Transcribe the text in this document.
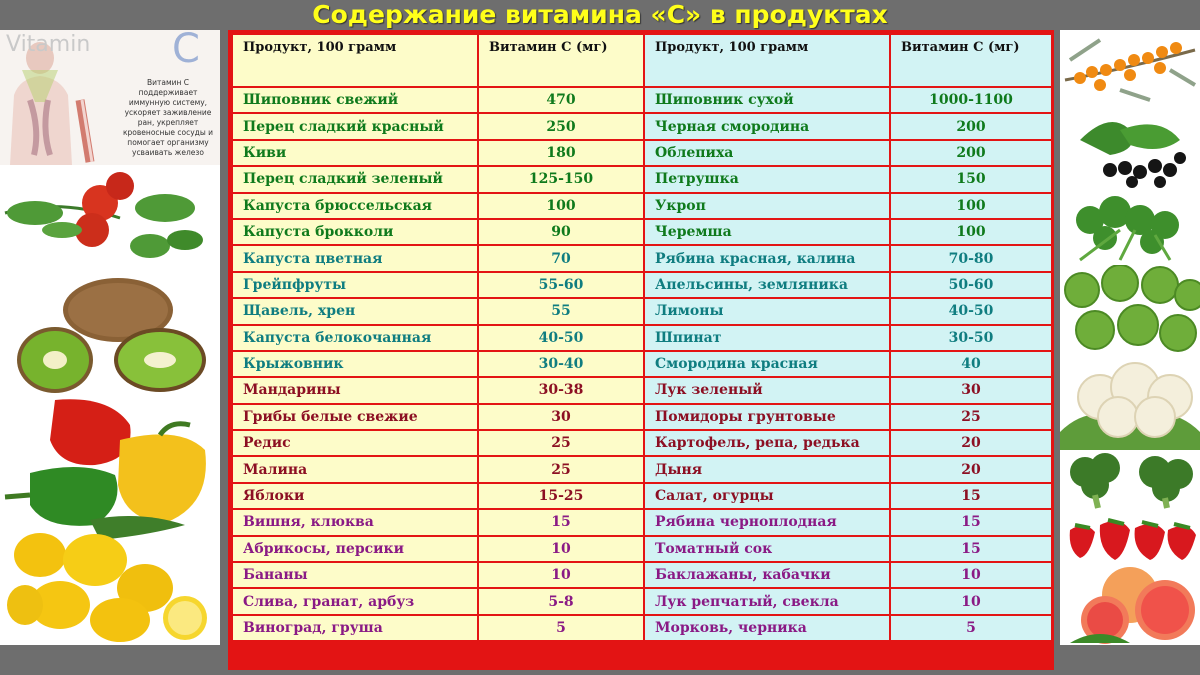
Содержание витамина «С» в продуктах
Vitamin C
Витамин С поддерживает иммунную систему, ускоряет заживление ран, укрепляет кровеносные сосуды и помогает организму усваивать железо
Продукт, 100 грамм	Витамин С (мг)	Продукт, 100 грамм	Витамин С (мг)
Шиповник свежий	470	Шиповник сухой	1000-1100
Перец сладкий красный	250	Черная смородина	200
Киви	180	Облепиха	200
Перец сладкий зеленый	125-150	Петрушка	150
Капуста брюссельская	100	Укроп	100
Капуста брокколи	90	Черемша	100
Капуста цветная	70	Рябина красная, калина	70-80
Грейпфруты	55-60	Апельсины, земляника	50-60
Щавель, хрен	55	Лимоны	40-50
Капуста белокочанная	40-50	Шпинат	30-50
Крыжовник	30-40	Смородина красная	40
Мандарины	30-38	Лук зеленый	30
Грибы белые свежие	30	Помидоры грунтовые	25
Редис	25	Картофель, репа, редька	20
Малина	25	Дыня	20
Яблоки	15-25	Салат, огурцы	15
Вишня, клюква	15	Рябина черноплодная	15
Абрикосы, персики	10	Томатный сок	15
Бананы	10	Баклажаны, кабачки	10
Слива, гранат, арбуз	5-8	Лук репчатый, свекла	10
Виноград, груша	5	Морковь, черника	5
